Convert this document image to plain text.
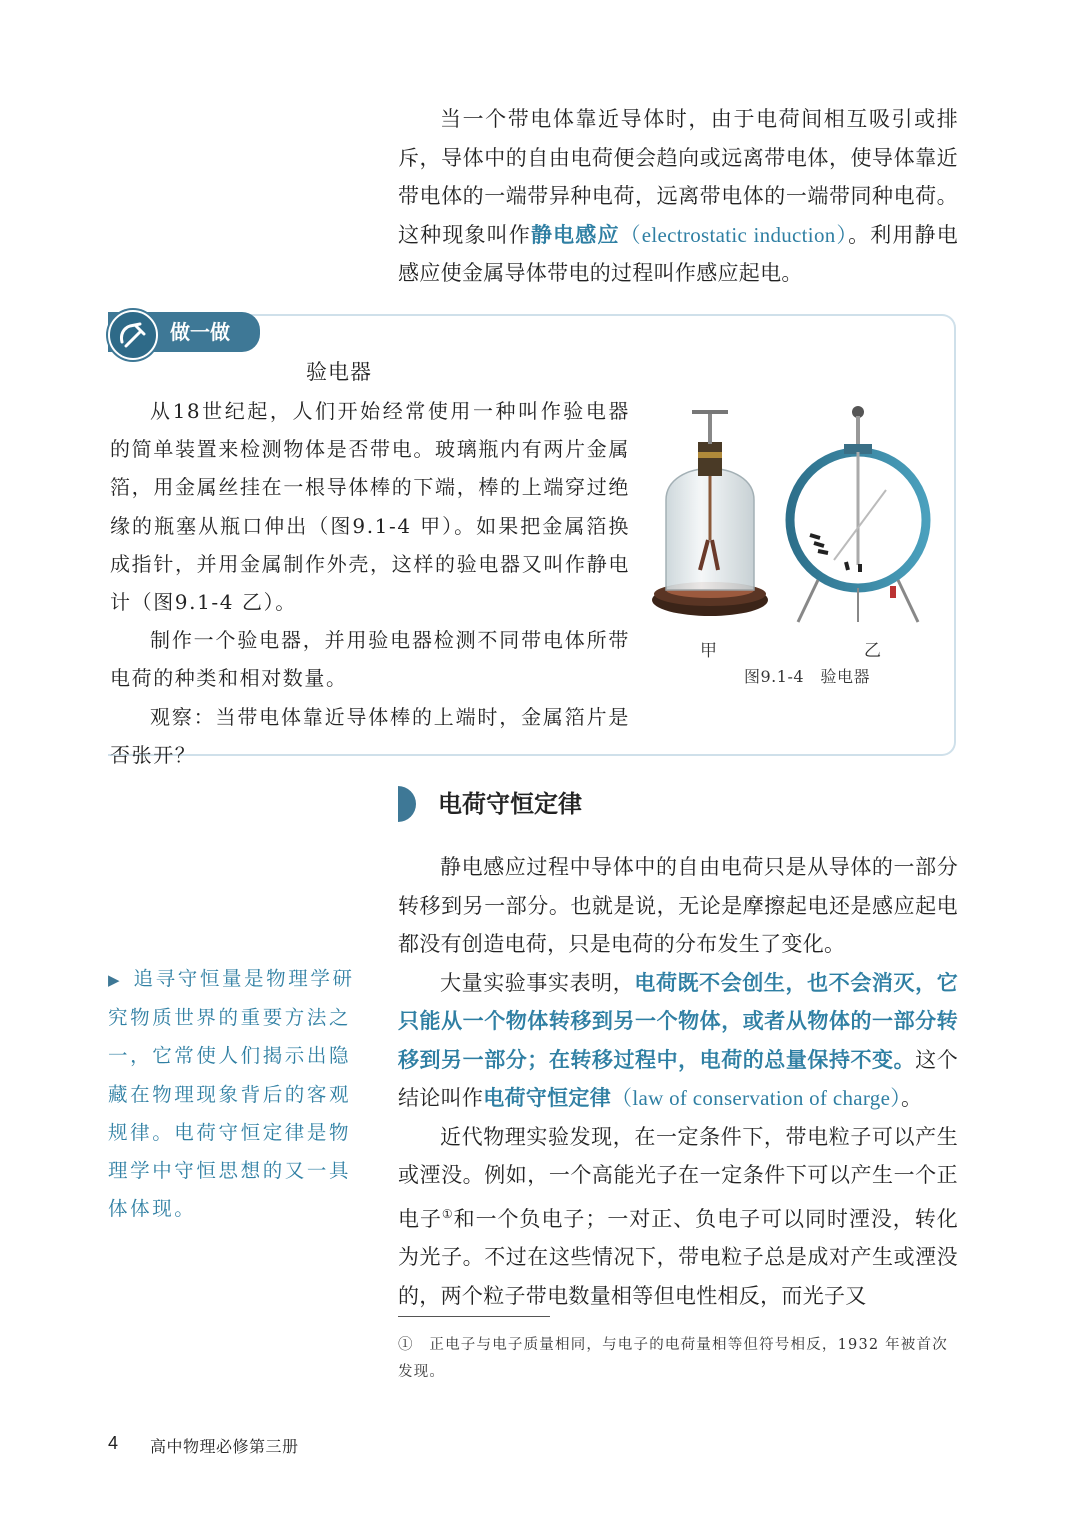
当一个带电体靠近导体时，由于电荷间相互吸引或排斥，导体中的自由电荷便会趋向或远离带电体，使导体靠近带电体的一端带异种电荷，远离带电体的一端带同种电荷。这种现象叫作静电感应（electrostatic induction）。利用静电感应使金属导体带电的过程叫作感应起电。

做一做
验电器

从18世纪起，人们开始经常使用一种叫作验电器的简单装置来检测物体是否带电。玻璃瓶内有两片金属箔，用金属丝挂在一根导体棒的下端，棒的上端穿过绝缘的瓶塞从瓶口伸出（图9.1-4 甲）。如果把金属箔换成指针，并用金属制作外壳，这样的验电器又叫作静电计（图9.1-4 乙）。

制作一个验电器，并用验电器检测不同带电体所带电荷的种类和相对数量。

观察：当带电体靠近导体棒的上端时，金属箔片是否张开？

甲	乙
图9.1-4　验电器
电荷守恒定律

静电感应过程中导体中的自由电荷只是从导体的一部分转移到另一部分。也就是说，无论是摩擦起电还是感应起电都没有创造电荷，只是电荷的分布发生了变化。

大量实验事实表明，电荷既不会创生，也不会消灭，它只能从一个物体转移到另一个物体，或者从物体的一部分转移到另一部分；在转移过程中，电荷的总量保持不变。这个结论叫作电荷守恒定律（law of conservation of charge）。

近代物理实验发现，在一定条件下，带电粒子可以产生或湮没。例如，一个高能光子在一定条件下可以产生一个正电子①和一个负电子；一对正、负电子可以同时湮没，转化为光子。不过在这些情况下，带电粒子总是成对产生或湮没的，两个粒子带电数量相等但电性相反，而光子又

▶ 追寻守恒量是物理学研究物质世界的重要方法之一，它常使人们揭示出隐藏在物理现象背后的客观规律。电荷守恒定律是物理学中守恒思想的又一具体体现。
①　正电子与电子质量相同，与电子的电荷量相等但符号相反，1932 年被首次发现。
4 高中物理必修第三册
